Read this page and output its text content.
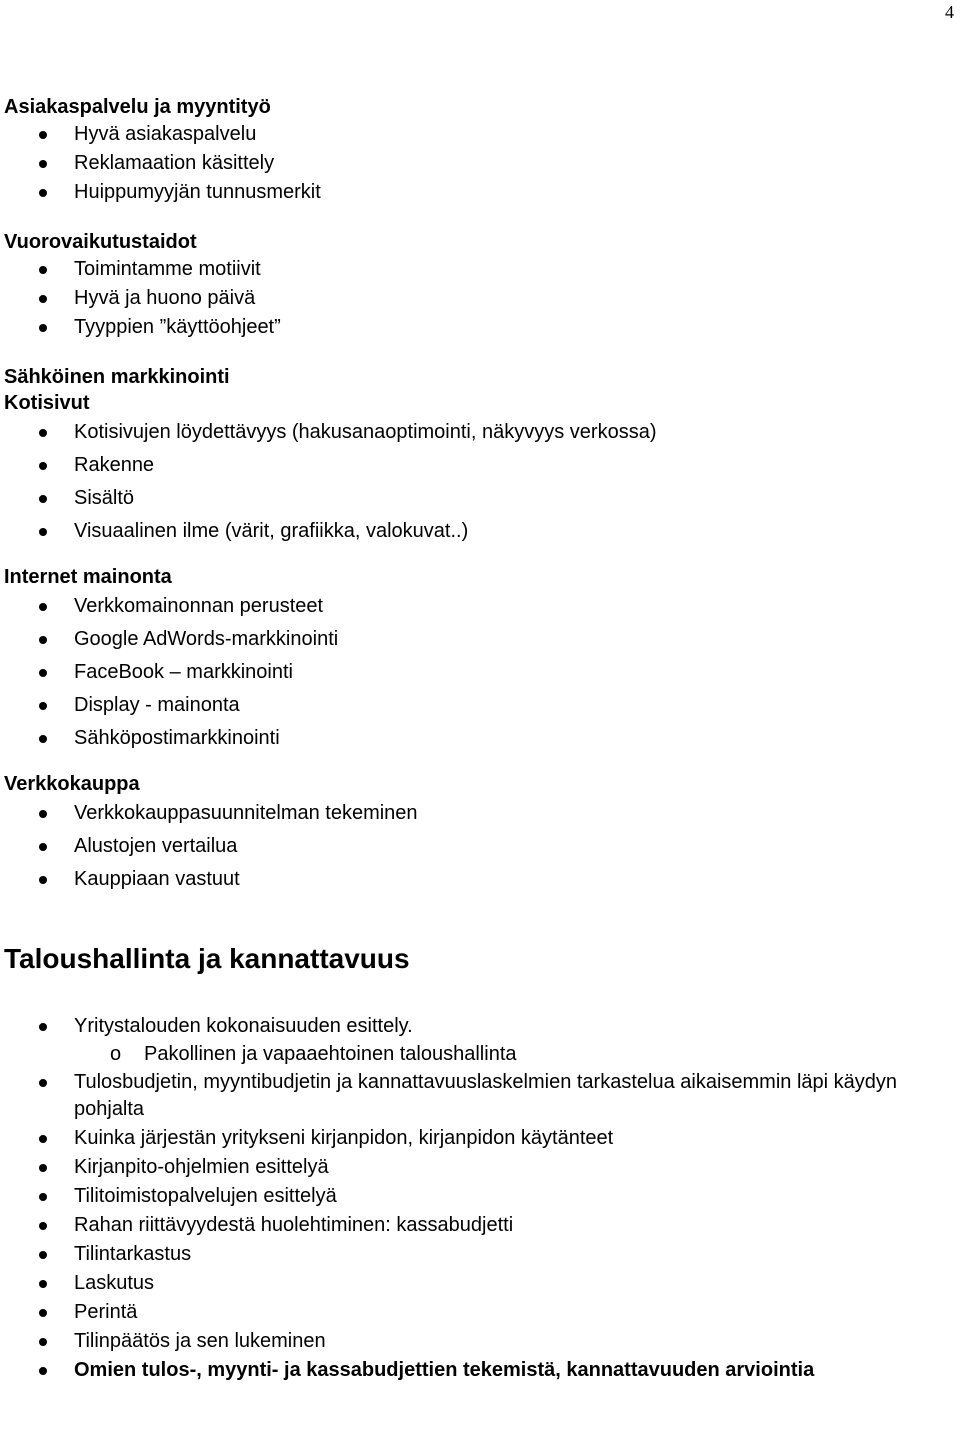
4
Asiakaspalvelu ja myyntityö
Hyvä asiakaspalvelu
Reklamaation käsittely
Huippumyyjän tunnusmerkit
Vuorovaikutustaidot
Toimintamme motiivit
Hyvä ja huono päivä
Tyyppien ”käyttöohjeet”
Sähköinen markkinointi
Kotisivut
Kotisivujen löydettävyys (hakusanaoptimointi, näkyvyys verkossa)
Rakenne
Sisältö
Visuaalinen ilme (värit, grafiikka, valokuvat..)
Internet mainonta
Verkkomainonnan perusteet
Google AdWords-markkinointi
FaceBook – markkinointi
Display - mainonta
Sähköpostimarkkinointi
Verkkokauppa
Verkkokauppasuunnitelman tekeminen
Alustojen vertailua
Kauppiaan vastuut
Taloushallinta ja kannattavuus
Yritystalouden kokonaisuuden esittely.
o Pakollinen ja vapaaehtoinen taloushallinta
Tulosbudjetin, myyntibudjetin ja kannattavuuslaskelmien tarkastelua aikaisemmin läpi käydyn pohjalta
Kuinka järjestän yritykseni kirjanpidon, kirjanpidon käytänteet
Kirjanpito-ohjelmien esittelyä
Tilitoimistopalvelujen esittelyä
Rahan riittävyydestä huolehtiminen: kassabudjetti
Tilintarkastus
Laskutus
Perintä
Tilinpäätös ja sen lukeminen
Omien tulos-, myynti- ja kassabudjettien tekemistä, kannattavuuden arviointia
